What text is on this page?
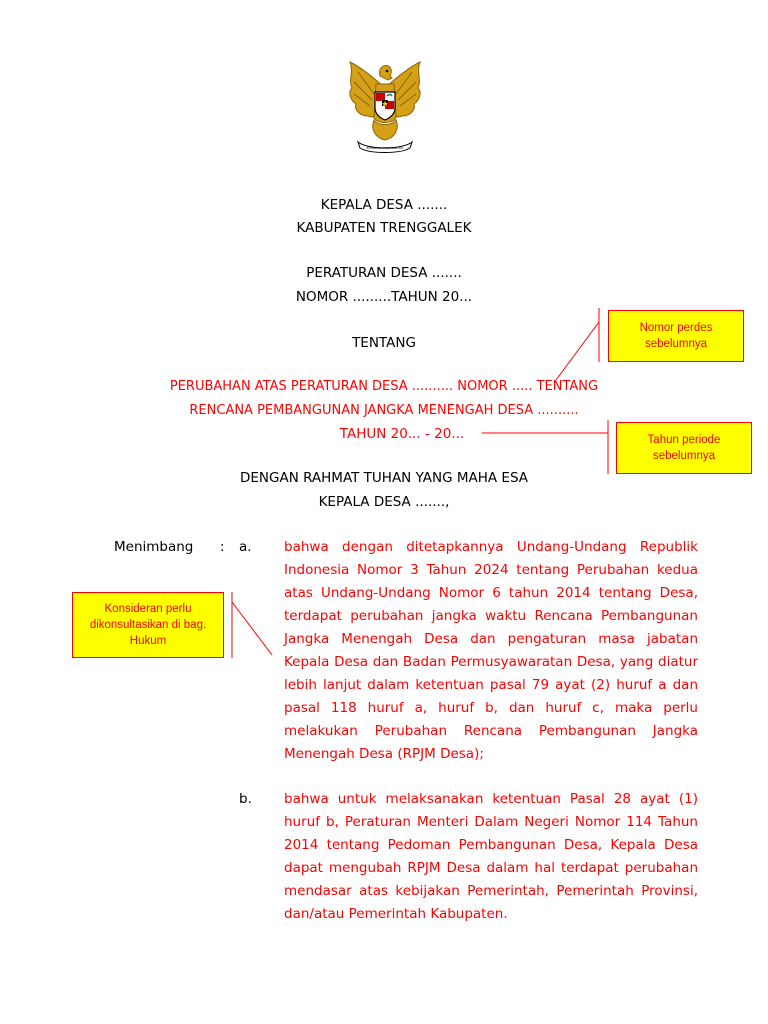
BHINNEKA TUNGGAL IKA
KEPALA DESA .......
KABUPATEN TRENGGALEK
PERATURAN DESA .......
NOMOR .........TAHUN 20...
TENTANG
PERUBAHAN ATAS PERATURAN DESA .......... NOMOR ..... TENTANG
RENCANA PEMBANGUNAN JANGKA MENENGAH DESA ..........
TAHUN 20... - 20...
DENGAN RAHMAT TUHAN YANG MAHA ESA
KEPALA DESA .......,
Menimbang : a. bahwa dengan ditetapkannya Undang-Undang Republik Indonesia Nomor 3 Tahun 2024 tentang Perubahan kedua atas Undang-Undang Nomor 6 tahun 2014 tentang Desa, terdapat perubahan jangka waktu Rencana Pembangunan Jangka Menengah Desa dan pengaturan masa jabatan Kepala Desa dan Badan Permusyawaratan Desa, yang diatur lebih lanjut dalam ketentuan pasal 79 ayat (2) huruf a dan pasal 118 huruf a, huruf b, dan huruf c, maka perlu melakukan Perubahan Rencana Pembangunan Jangka Menengah Desa (RPJM Desa);
b. bahwa untuk melaksanakan ketentuan Pasal 28 ayat (1) huruf b, Peraturan Menteri Dalam Negeri Nomor 114 Tahun 2014 tentang Pedoman Pembangunan Desa, Kepala Desa dapat mengubah RPJM Desa dalam hal terdapat perubahan mendasar atas kebijakan Pemerintah, Pemerintah Provinsi, dan/atau Pemerintah Kabupaten.
Nomor perdes sebelumnya
Tahun periode sebelumnya
Konsideran perlu dikonsultasikan di bag. Hukum
